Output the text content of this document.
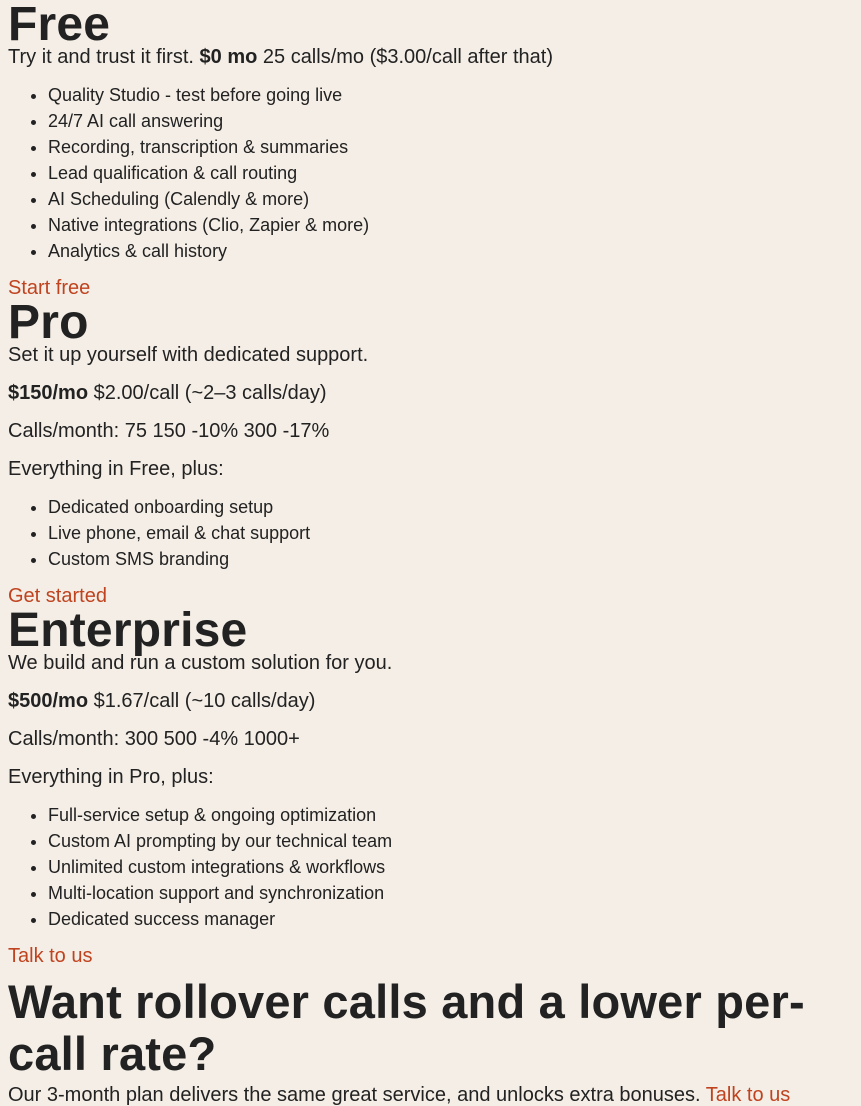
Free

Try it and trust it first. $0 mo 25 calls/mo ($3.00/call after that)

• Quality Studio - test before going live
• 24/7 AI call answering
• Recording, transcription & summaries
• Lead qualification & call routing
• AI Scheduling (Calendly & more)
• Native integrations (Clio, Zapier & more)
• Analytics & call history
Start free
Pro

Set it up yourself with dedicated support.

$150/mo $2.00/call (~2–3 calls/day)

Calls/month: 75 150 -10% 300 -17%

Everything in Free, plus:

• Dedicated onboarding setup
• Live phone, email & chat support
• Custom SMS branding
Get started
Enterprise

We build and run a custom solution for you.

$500/mo $1.67/call (~10 calls/day)

Calls/month: 300 500 -4% 1000+

Everything in Pro, plus:

• Full-service setup & ongoing optimization
• Custom AI prompting by our technical team
• Unlimited custom integrations & workflows
• Multi-location support and synchronization
• Dedicated success manager
Talk to us
Want rollover calls and a lower per-call rate?

Our 3-month plan delivers the same great service, and unlocks extra bonuses. Talk to us
